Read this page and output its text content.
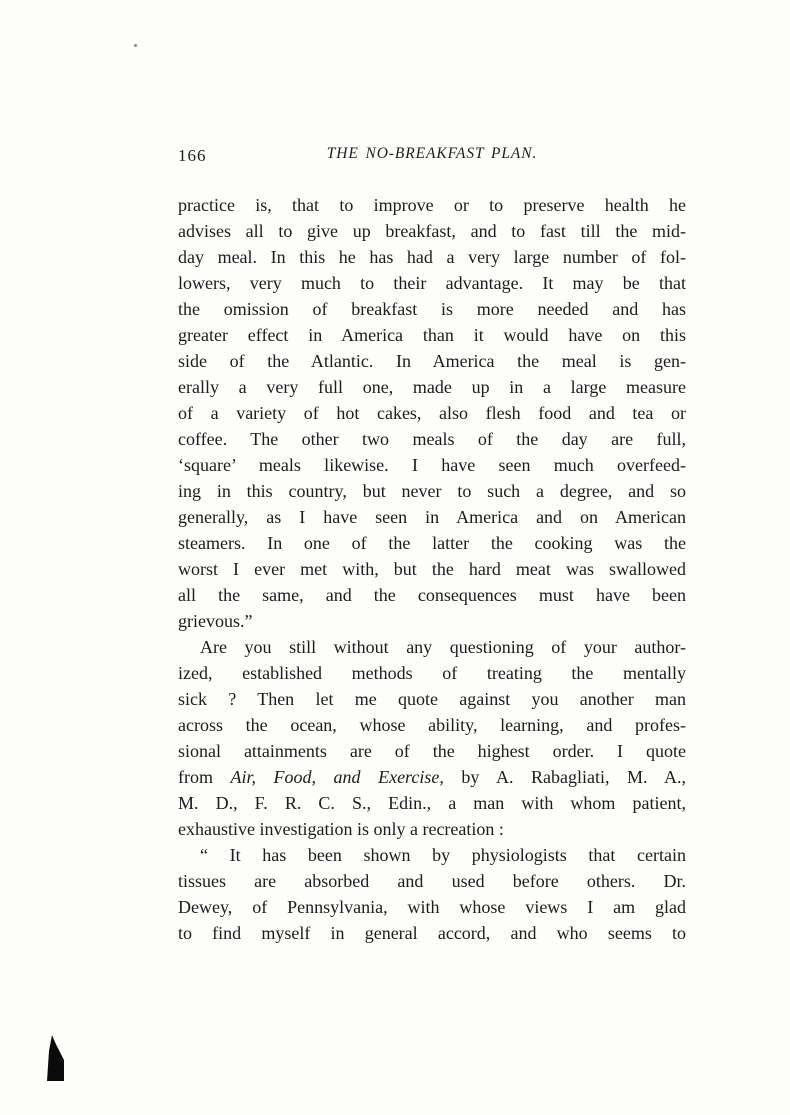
166	THE NO-BREAKFAST PLAN.
practice is, that to improve or to preserve health he
advises all to give up breakfast, and to fast till the mid-
day meal. In this he has had a very large number of fol-
lowers, very much to their advantage. It may be that
the omission of breakfast is more needed and has
greater effect in America than it would have on this
side of the Atlantic. In America the meal is gen-
erally a very full one, made up in a large measure
of a variety of hot cakes, also flesh food and tea or
coffee. The other two meals of the day are full,
‘square’ meals likewise. I have seen much overfeed-
ing in this country, but never to such a degree, and so
generally, as I have seen in America and on American
steamers. In one of the latter the cooking was the
worst I ever met with, but the hard meat was swallowed
all the same, and the consequences must have been
grievous.”
Are you still without any questioning of your author-
ized, established methods of treating the mentally
sick ? Then let me quote against you another man
across the ocean, whose ability, learning, and profes-
sional attainments are of the highest order. I quote
from Air, Food, and Exercise, by A. Rabagliati, M. A.,
M. D., F. R. C. S., Edin., a man with whom patient,
exhaustive investigation is only a recreation :
“ It has been shown by physiologists that certain
tissues are absorbed and used before others. Dr.
Dewey, of Pennsylvania, with whose views I am glad
to find myself in general accord, and who seems to
